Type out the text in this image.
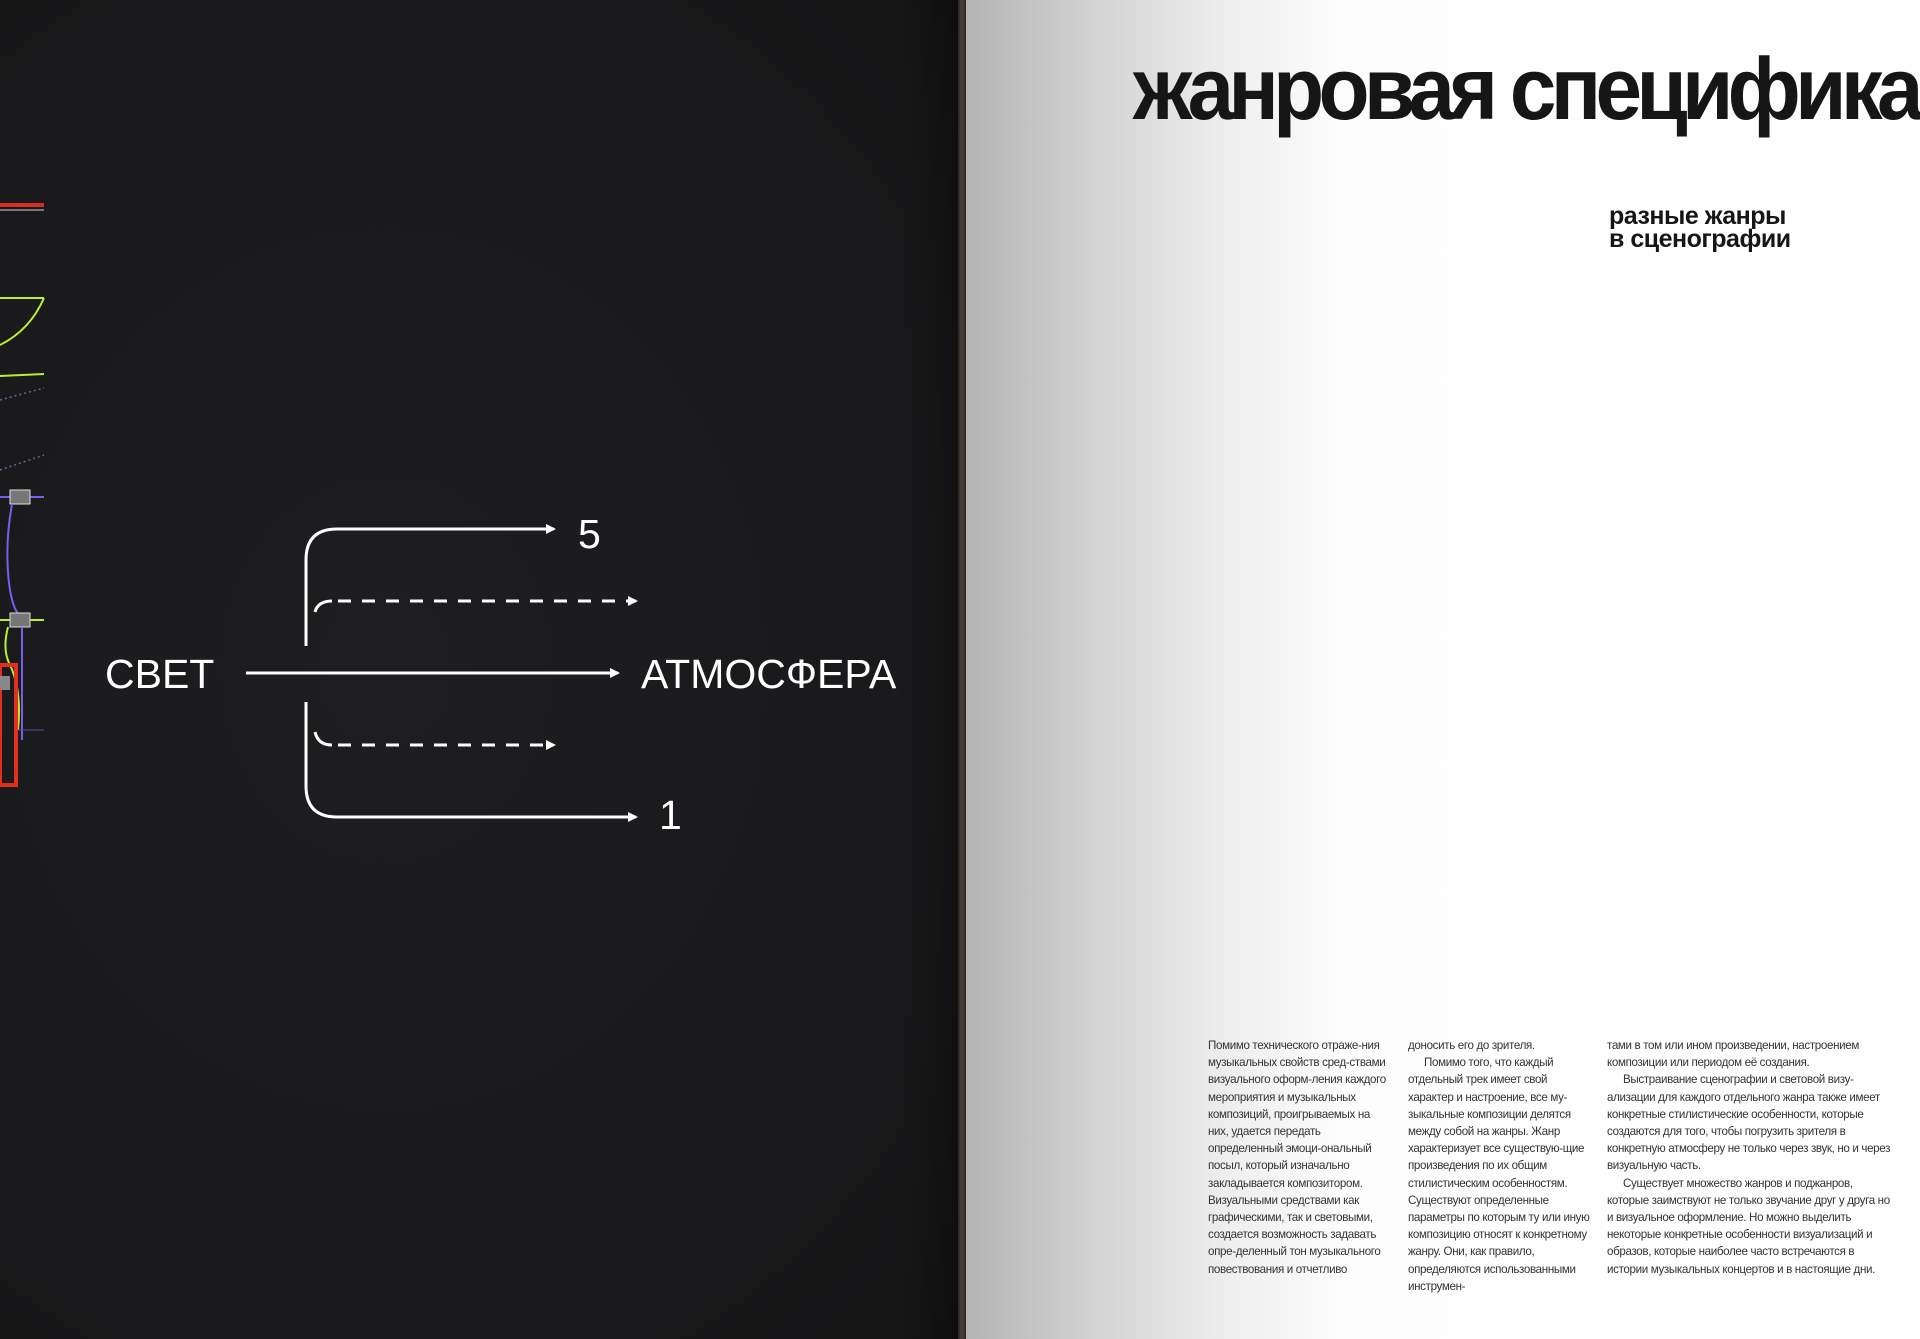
СВЕТ	АТМОСФЕРА
5
1
жанровая специфика
разные жанры
в сценографии

Помимо технического отраже-ния музыкальных свойств сред-ствами визуального оформ-ления каждого мероприятия и музыкальных композиций, проигрываемых на них, удается передать определенный эмоци-ональный посыл, который изначально закладывается композитором. Визуальными средствами как графическими, так и световыми, создается возможность задавать опре-деленный тон музыкального повествования и отчетливо

доносить его до зрителя.

Помимо того, что каждый отдельный трек имеет свой характер и настроение, все му-зыкальные композиции делятся между собой на жанры. Жанр характеризует все существую-щие произведения по их общим стилистическим особенностям. Существуют определенные параметры по которым ту или иную композицию относят к конкретному жанру. Они, как правило, определяются использованными инструмен-

тами в том или ином произведении, настроением композиции или периодом её создания.

Выстраивание сценографии и световой визу-ализации для каждого отдельного жанра также имеет конкретные стилистические особенности, которые создаются для того, чтобы погрузить зрителя в конкретную атмосферу не только через звук, но и через визуальную часть.

Существует множество жанров и поджанров, которые заимствуют не только звучание друг у друга но и визуальное оформление. Но можно выделить некоторые конкретные особенности визуализаций и образов, которые наиболее часто встречаются в истории музыкальных концертов и в настоящие дни.
